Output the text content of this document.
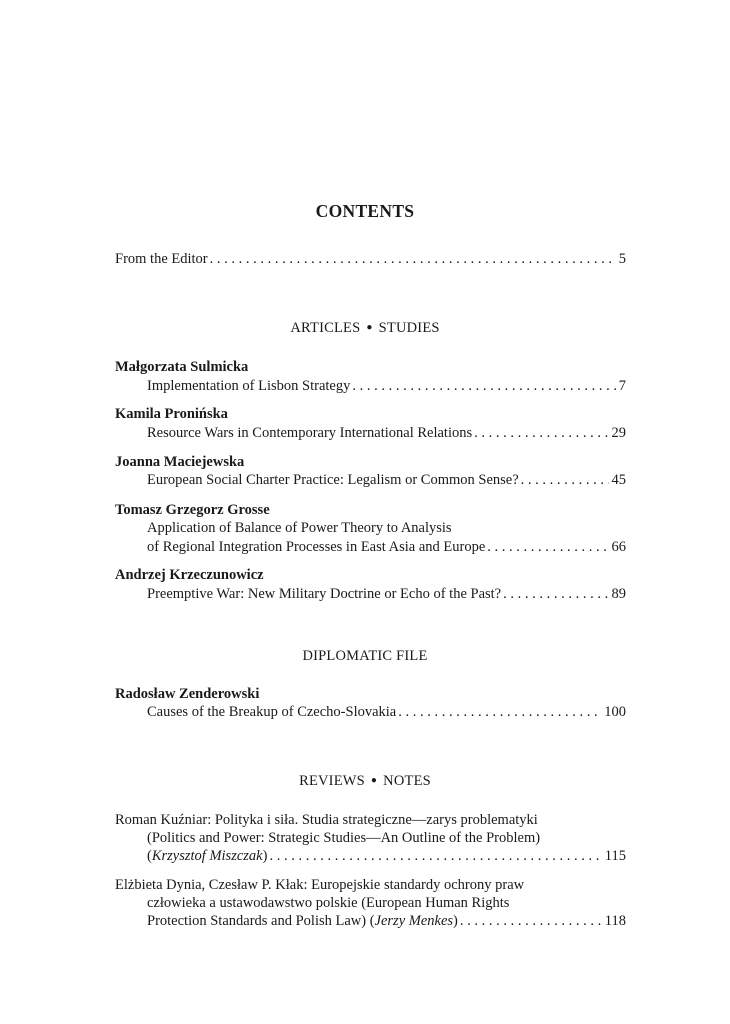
CONTENTS
From the Editor . . .	5
ARTICLES ● STUDIES
Małgorzata Sulmicka
Implementation of Lisbon Strategy . . .	7
Kamila Pronińska
Resource Wars in Contemporary International Relations . . .	29
Joanna Maciejewska
European Social Charter Practice: Legalism or Common Sense? . . .	45
Tomasz Grzegorz Grosse
Application of Balance of Power Theory to Analysis
of Regional Integration Processes in East Asia and Europe . . .	66
Andrzej Krzeczunowicz
Preemptive War: New Military Doctrine or Echo of the Past? . . .	89
DIPLOMATIC FILE
Radosław Zenderowski
Causes of the Breakup of Czecho-Slovakia . . .	100
REVIEWS ● NOTES
Roman Kuźniar: Polityka i siła. Studia strategiczne—zarys problematyki
(Politics and Power: Strategic Studies—An Outline of the Problem)
(Krzysztof Miszczak) . . .	115
Elżbieta Dynia, Czesław P. Kłak: Europejskie standardy ochrony praw
człowieka a ustawodawstwo polskie (European Human Rights
Protection Standards and Polish Law) (Jerzy Menkes) . . .	118
